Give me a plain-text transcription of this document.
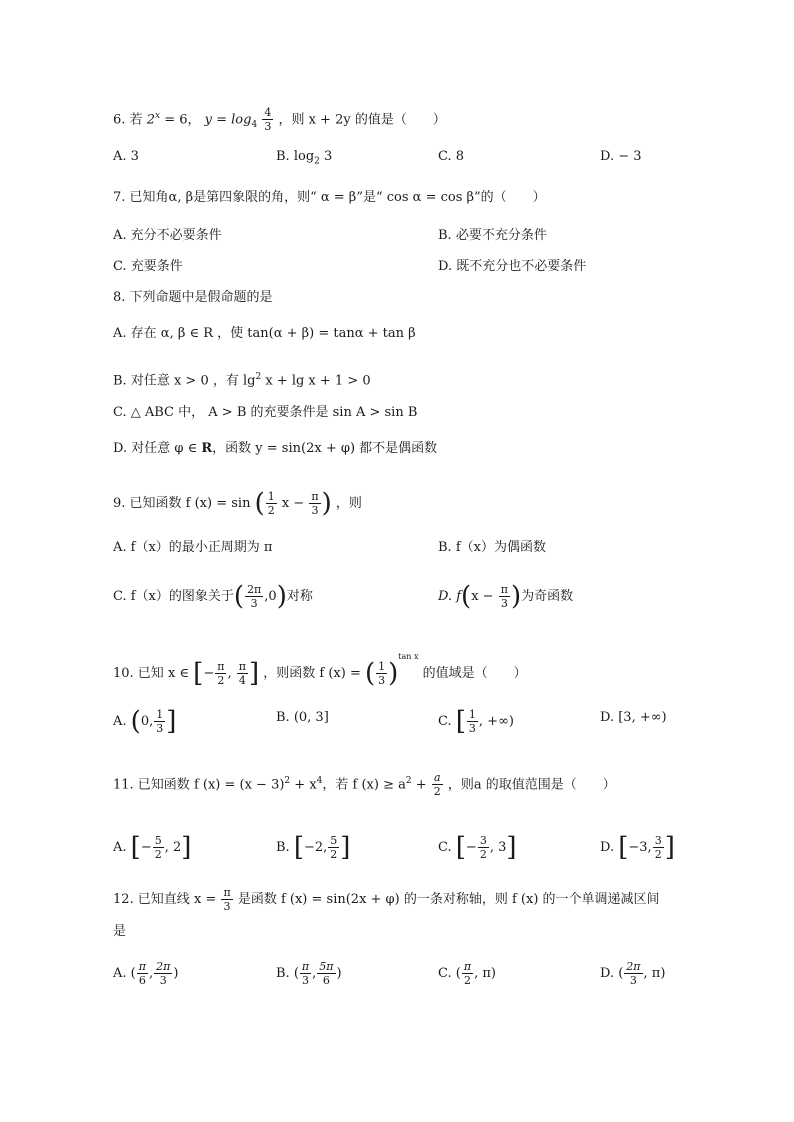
6. 若 $2^x = 6$， $y = \log_4 \frac{4}{3}$ ，则 x + 2y 的值是（　　）
A. 3	B. $\log_2 3$	C. 8	D. − 3
7. 已知角α, β是第四象限的角，则“ α = β”是“ cos α = cos β”的（　　）
A. 充分不必要条件	B. 必要不充分条件
C. 充要条件	D. 既不充分也不必要条件
8. 下列命题中是假命题的是
A. 存在 α, β ∈ R ，使 tan(α + β) = tanα + tan β
B. 对任意 x > 0 ，有 $\lg^2 x + \lg x + 1 > 0$
C. △ ABC 中， A > B 的充要条件是 sin A > sin B
D. 对任意 φ ∈ R，函数 y = sin(2x + φ) 都不是偶函数
9. 已知函数 f (x) = sin ( $\frac{1}{2}$ $x - \frac{\pi}{3}$ ) ，则
A. f（x）的最小正周期为 π	B. f（x）为偶函数
C. f（x）的图象关于( $\frac{2\pi}{3} ,0$)对称	D. $f(x - \frac{\pi}{3}$ )为奇函数
10. 已知 x ∈ [− $\frac{\pi}{2}$ , $\frac{\pi}{4}$ ] ，则函数 f (x) = ( $\frac{1}{3} )^{tan x}$ 的值域是（　　）
A. (0, $\frac{1}{3}$ ]	B. (0, 3]	C. [ $\frac{1}{3}$ , +∞)	D. [3, +∞)
11. 已知函数 f $(x) = (x - 3)^2 + x^4$，若 f $(x) \ge a^2 + \frac{a}{2}$ ，则a 的取值范围是（　　）
A. [− $\frac{5}{2}$ , 2]	B. [−2, $\frac{5}{2}$ ]	C. [− $\frac{3}{2}$ , 3]	D. [−3, $\frac{3}{2}$ ]
12. 已知直线 $x = \frac{\pi}{3}$ 是函数 f (x) = sin(2x + φ) 的一条对称轴，则 f (x) 的一个单调递减区间
是
A. ( $\frac{\pi}{6}$ , $\frac{2\pi}{3}$ )	B. ( $\frac{\pi}{3}$ , $\frac{5\pi}{6}$ )	C. ( $\frac{\pi}{2}$ , π)	D. ( $\frac{2\pi}{3}$ , π)
